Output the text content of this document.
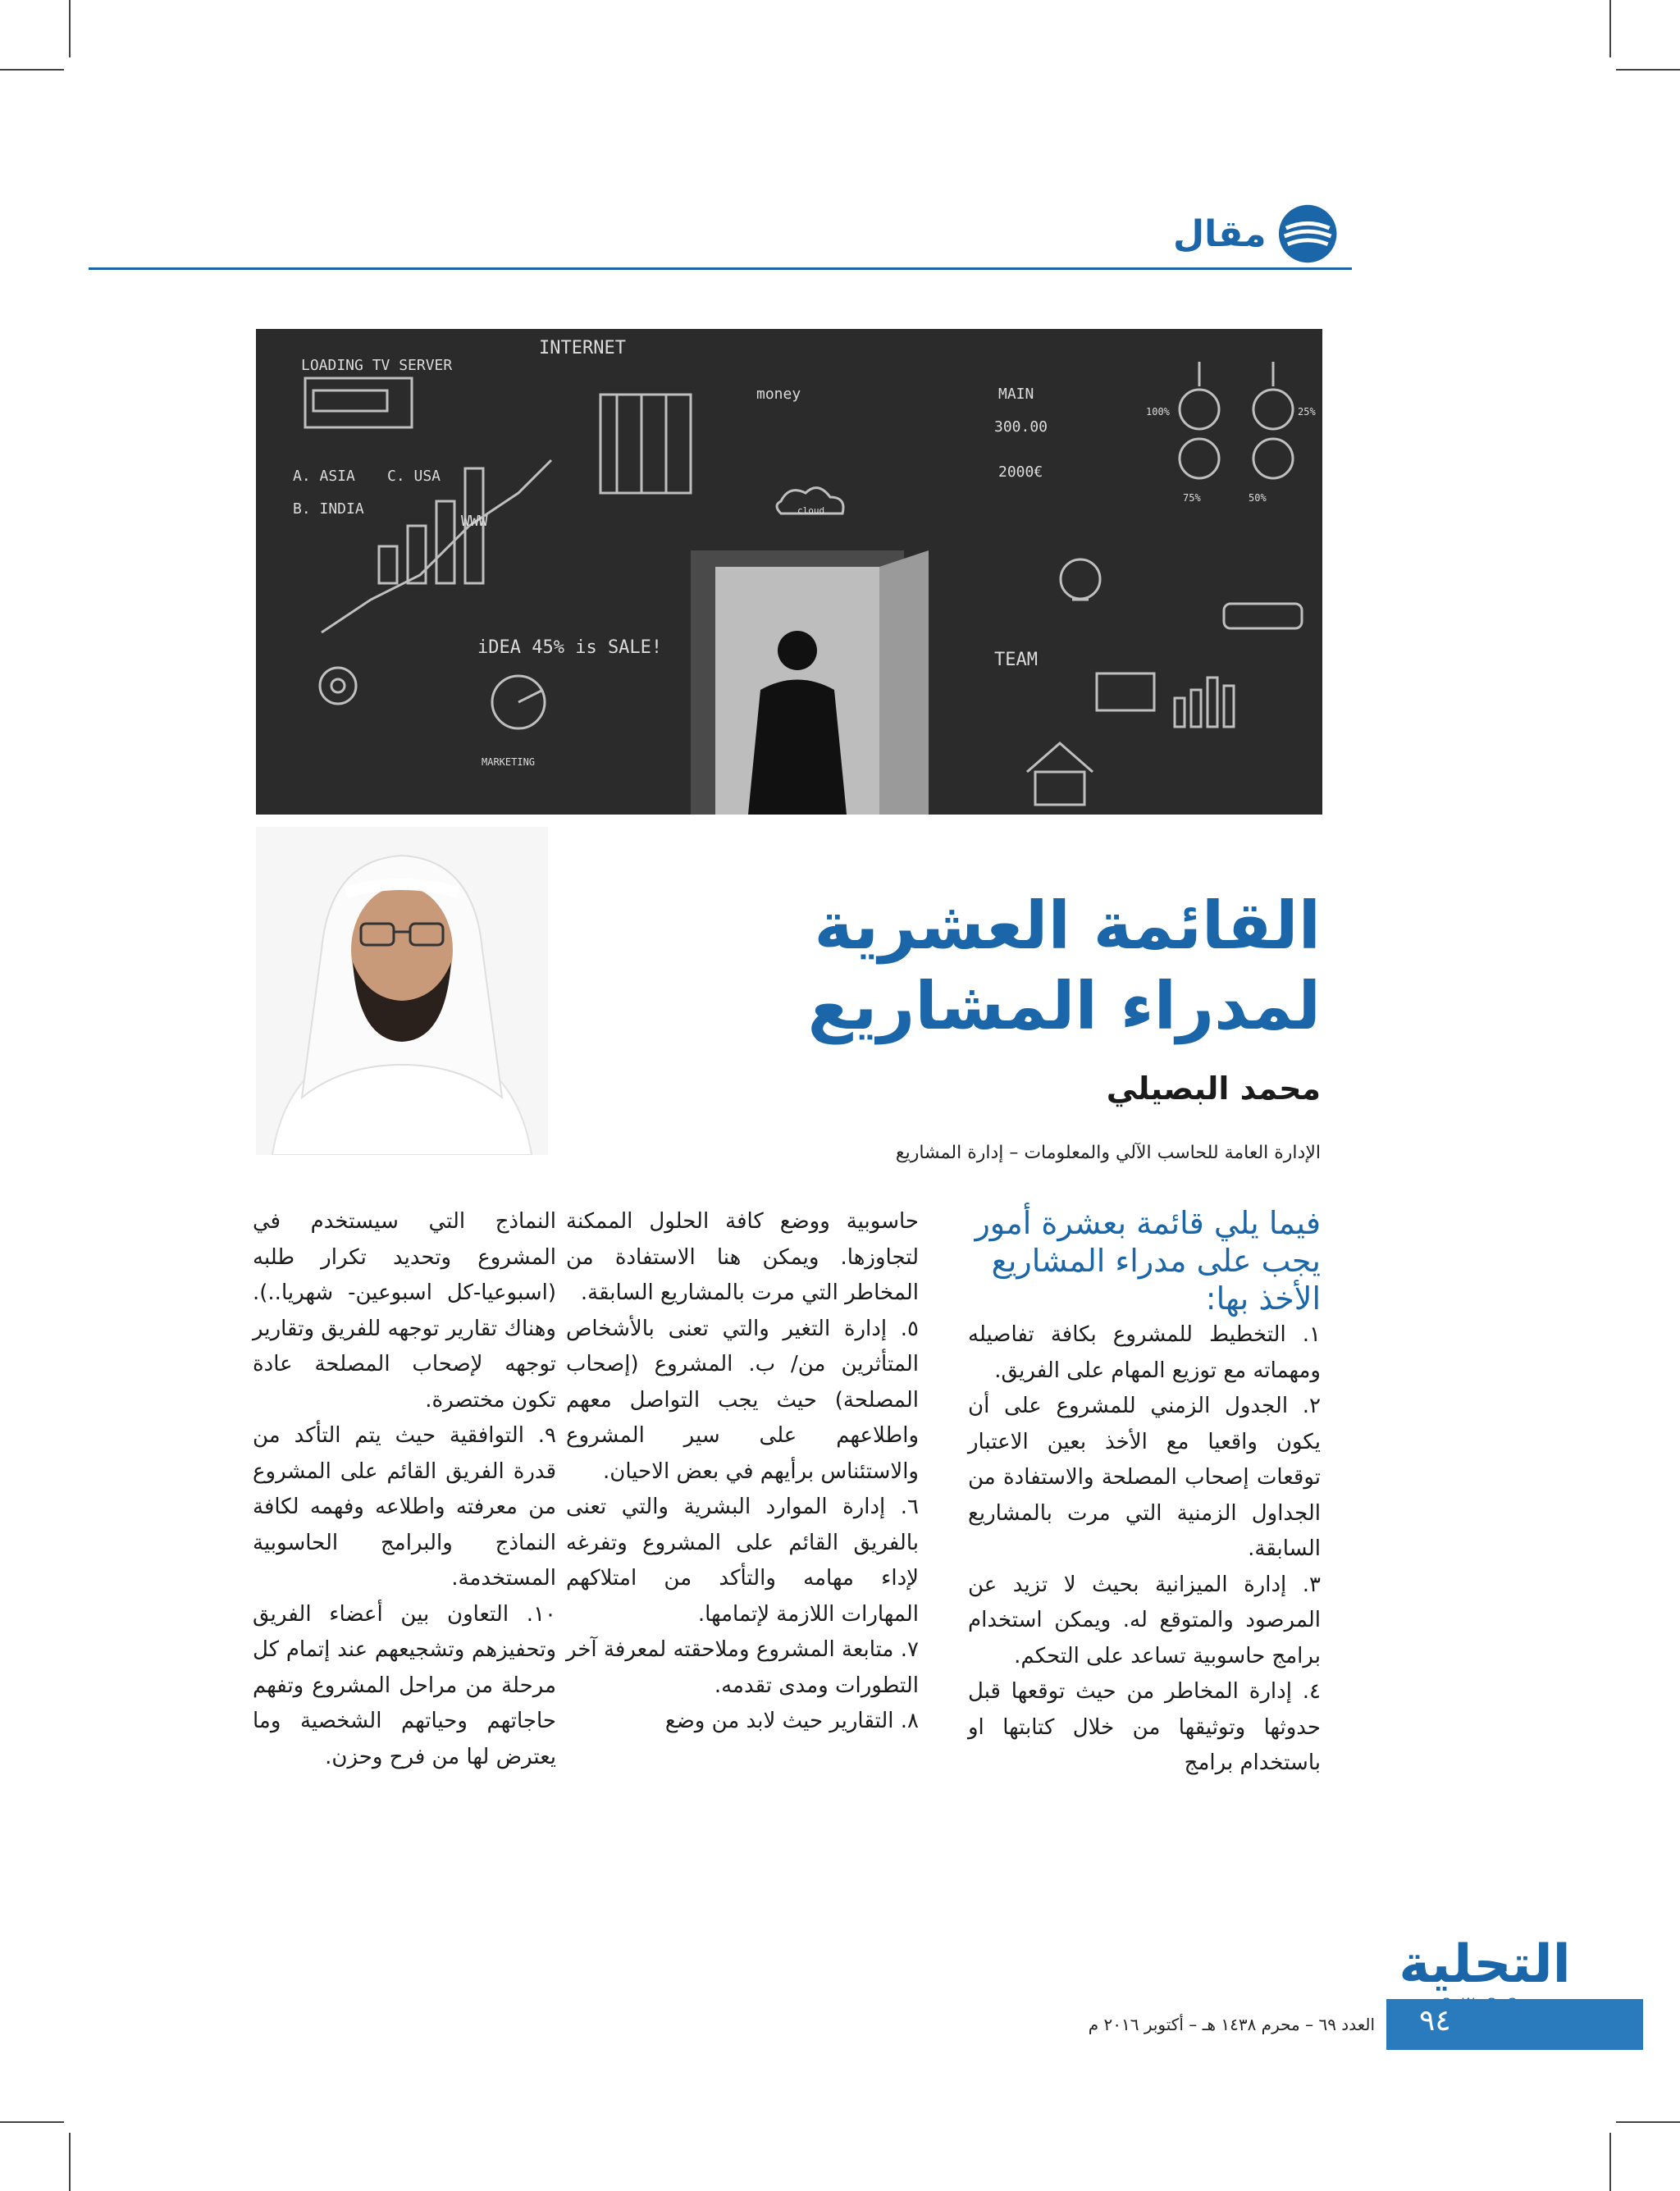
مقال
INTERNET
LOADING TV SERVER
money	MAIN
300.00
2000€
A. ASIA C. USA
B. INDIA
WWW
iDEA 45% is SALE!
TEAM
100%	25%
75%	50%
MARKETING
cloud
القائمة العشرية
لمدراء المشاريع
محمد البصيلي
الإدارة العامة للحاسب الآلي والمعلومات – إدارة المشاريع

فيما يلي قائمة بعشرة أمور يجب على مدراء المشاريع الأخذ بها:

١. التخطيط للمشروع بكافة تفاصيله ومهماته مع توزيع المهام على الفريق.

٢. الجدول الزمني للمشروع على أن يكون واقعيا مع الأخذ بعين الاعتبار توقعات إصحاب المصلحة والاستفادة من الجداول الزمنية التي مرت بالمشاريع السابقة.

٣. إدارة الميزانية بحيث لا تزيد عن المرصود والمتوقع له. ويمكن استخدام برامج حاسوبية تساعد على التحكم.

٤. إدارة المخاطر من حيث توقعها قبل حدوثها وتوثيقها من خلال كتابتها او باستخدام برامج

حاسوبية ووضع كافة الحلول الممكنة لتجاوزها. ويمكن هنا الاستفادة من المخاطر التي مرت بالمشاريع السابقة.

٥. إدارة التغير والتي تعنى بالأشخاص المتأثرين من/ ب. المشروع (إصحاب المصلحة) حيث يجب التواصل معهم واطلاعهم على سير المشروع والاستئناس برأيهم في بعض الاحيان.

٦. إدارة الموارد البشرية والتي تعنى بالفريق القائم على المشروع وتفرغه لإداء مهامه والتأكد من امتلاكهم المهارات اللازمة لإتمامها.

٧. متابعة المشروع وملاحقته لمعرفة آخر التطورات ومدى تقدمه.

٨. التقارير حيث لابد من وضع

النماذج التي سيستخدم في المشروع وتحديد تكرار طلبه (اسبوعيا-كل اسبوعين- شهريا..). وهناك تقارير توجهه للفريق وتقارير توجهه لإصحاب المصلحة عادة تكون مختصرة.

٩. التوافقية حيث يتم التأكد من قدرة الفريق القائم على المشروع من معرفته واطلاعه وفهمه لكافة النماذج والبرامج الحاسوبية المستخدمة.

١٠. التعاون بين أعضاء الفريق وتحفيزهم وتشجيعهم عند إتمام كل مرحلة من مراحل المشروع وتفهم حاجاتهم وحياتهم الشخصية وما يعترض لها من فرح وحزن.

التحلية
٩٤
العدد ٦٩ – محرم ١٤٣٨ هـ – أكتوبر ٢٠١٦ م
